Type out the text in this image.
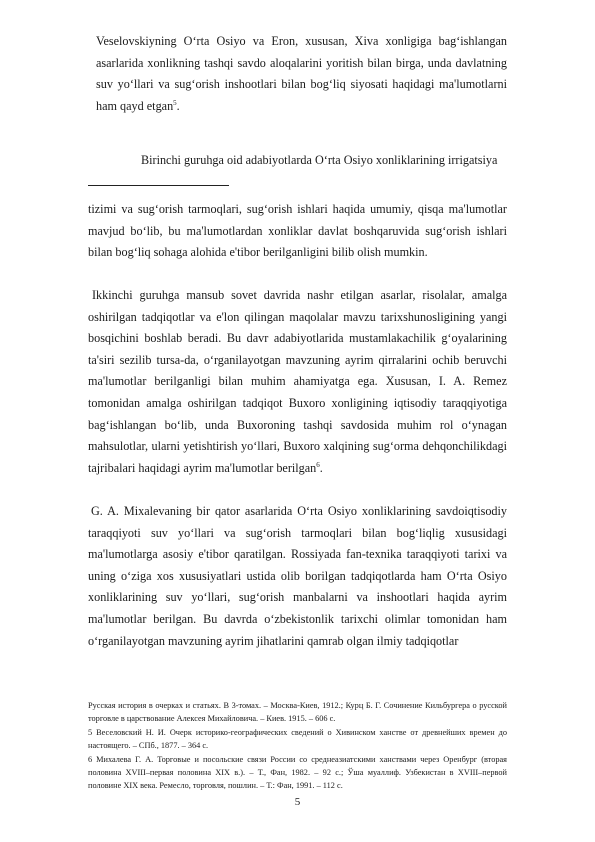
Veselovskiyning O‘rta Osiyo va Eron, xususan, Xiva xonligiga bag‘ishlangan asarlarida xonlikning tashqi savdo aloqalarini yoritish bilan birga, unda davlatning suv yo‘llari va sug‘orish inshootlari bilan bog‘liq siyosati haqidagi ma'lumotlarni ham qayd etgan$^5$.

Birinchi guruhga oid adabiyotlarda O‘rta Osiyo xonliklarining irrigatsiya

tizimi va sug‘orish tarmoqlari, sug‘orish ishlari haqida umumiy, qisqa ma'lumotlar mavjud bo‘lib, bu ma'lumotlardan xonliklar davlat boshqaruvida sug‘orish ishlari bilan bog‘liq sohaga alohida e'tibor berilganligini bilib olish mumkin.

Ikkinchi guruhga mansub sovet davrida nashr etilgan asarlar, risolalar, amalga oshirilgan tadqiqotlar va e'lon qilingan maqolalar mavzu tarixshunosligining yangi bosqichini boshlab beradi. Bu davr adabiyotlarida mustamlakachilik g‘oyalarining ta'siri sezilib tursa-da, o‘rganilayotgan mavzuning ayrim qirralarini ochib beruvchi ma'lumotlar berilganligi bilan muhim ahamiyatga ega. Xususan, I. A. Remez tomonidan amalga oshirilgan tadqiqot Buxoro xonligining iqtisodiy taraqqiyotiga bag‘ishlangan bo‘lib, unda Buxoroning tashqi savdosida muhim rol o‘ynagan mahsulotlar, ularni yetishtirish yo‘llari, Buxoro xalqining sug‘orma dehqonchilikdagi tajribalari haqidagi ayrim ma'lumotlar berilgan$^6$.

G. A. Mixalevaning bir qator asarlarida O‘rta Osiyo xonliklarining savdoiqtisodiy taraqqiyoti suv yo‘llari va sug‘orish tarmoqlari bilan bog‘liqlig xususidagi ma'lumotlarga asosiy e'tibor qaratilgan. Rossiyada fan-texnika taraqqiyoti tarixi va uning o‘ziga xos xususiyatlari ustida olib borilgan tadqiqotlarda ham O‘rta Osiyo xonliklarining suv yo‘llari, sug‘orish manbalarni va inshootlari haqida ayrim ma'lumotlar berilgan. Bu davrda o‘zbekistonlik tarixchi olimlar tomonidan ham o‘rganilayotgan mavzuning ayrim jihatlarini qamrab olgan ilmiy tadqiqotlar

Русская история в очерках и статьях. В 3-томах. – Москва-Киев, 1912.; Курц Б. Г. Сочинение Кильбургера о русской торговле в царствование Алексея Михайловича. – Киев. 1915. – 606 с.

5 Веселовский Н. И. Очерк историко-географических сведений о Хивинском ханстве от древнейших времен до настоящего. – СПб., 1877. – 364 с.

6 Михалева Г. А. Торговые и посольские связи России со среднеазиатскими ханствами через Оренбург (вторая половина XVIII–первая половина XIX в.). – Т., Фан, 1982. – 92 с.; Ўша муаллиф. Узбекистан в XVIII–первой половине XIX века. Ремесло, торговля, пошлин. – Т.: Фан, 1991. – 112 с.

5
